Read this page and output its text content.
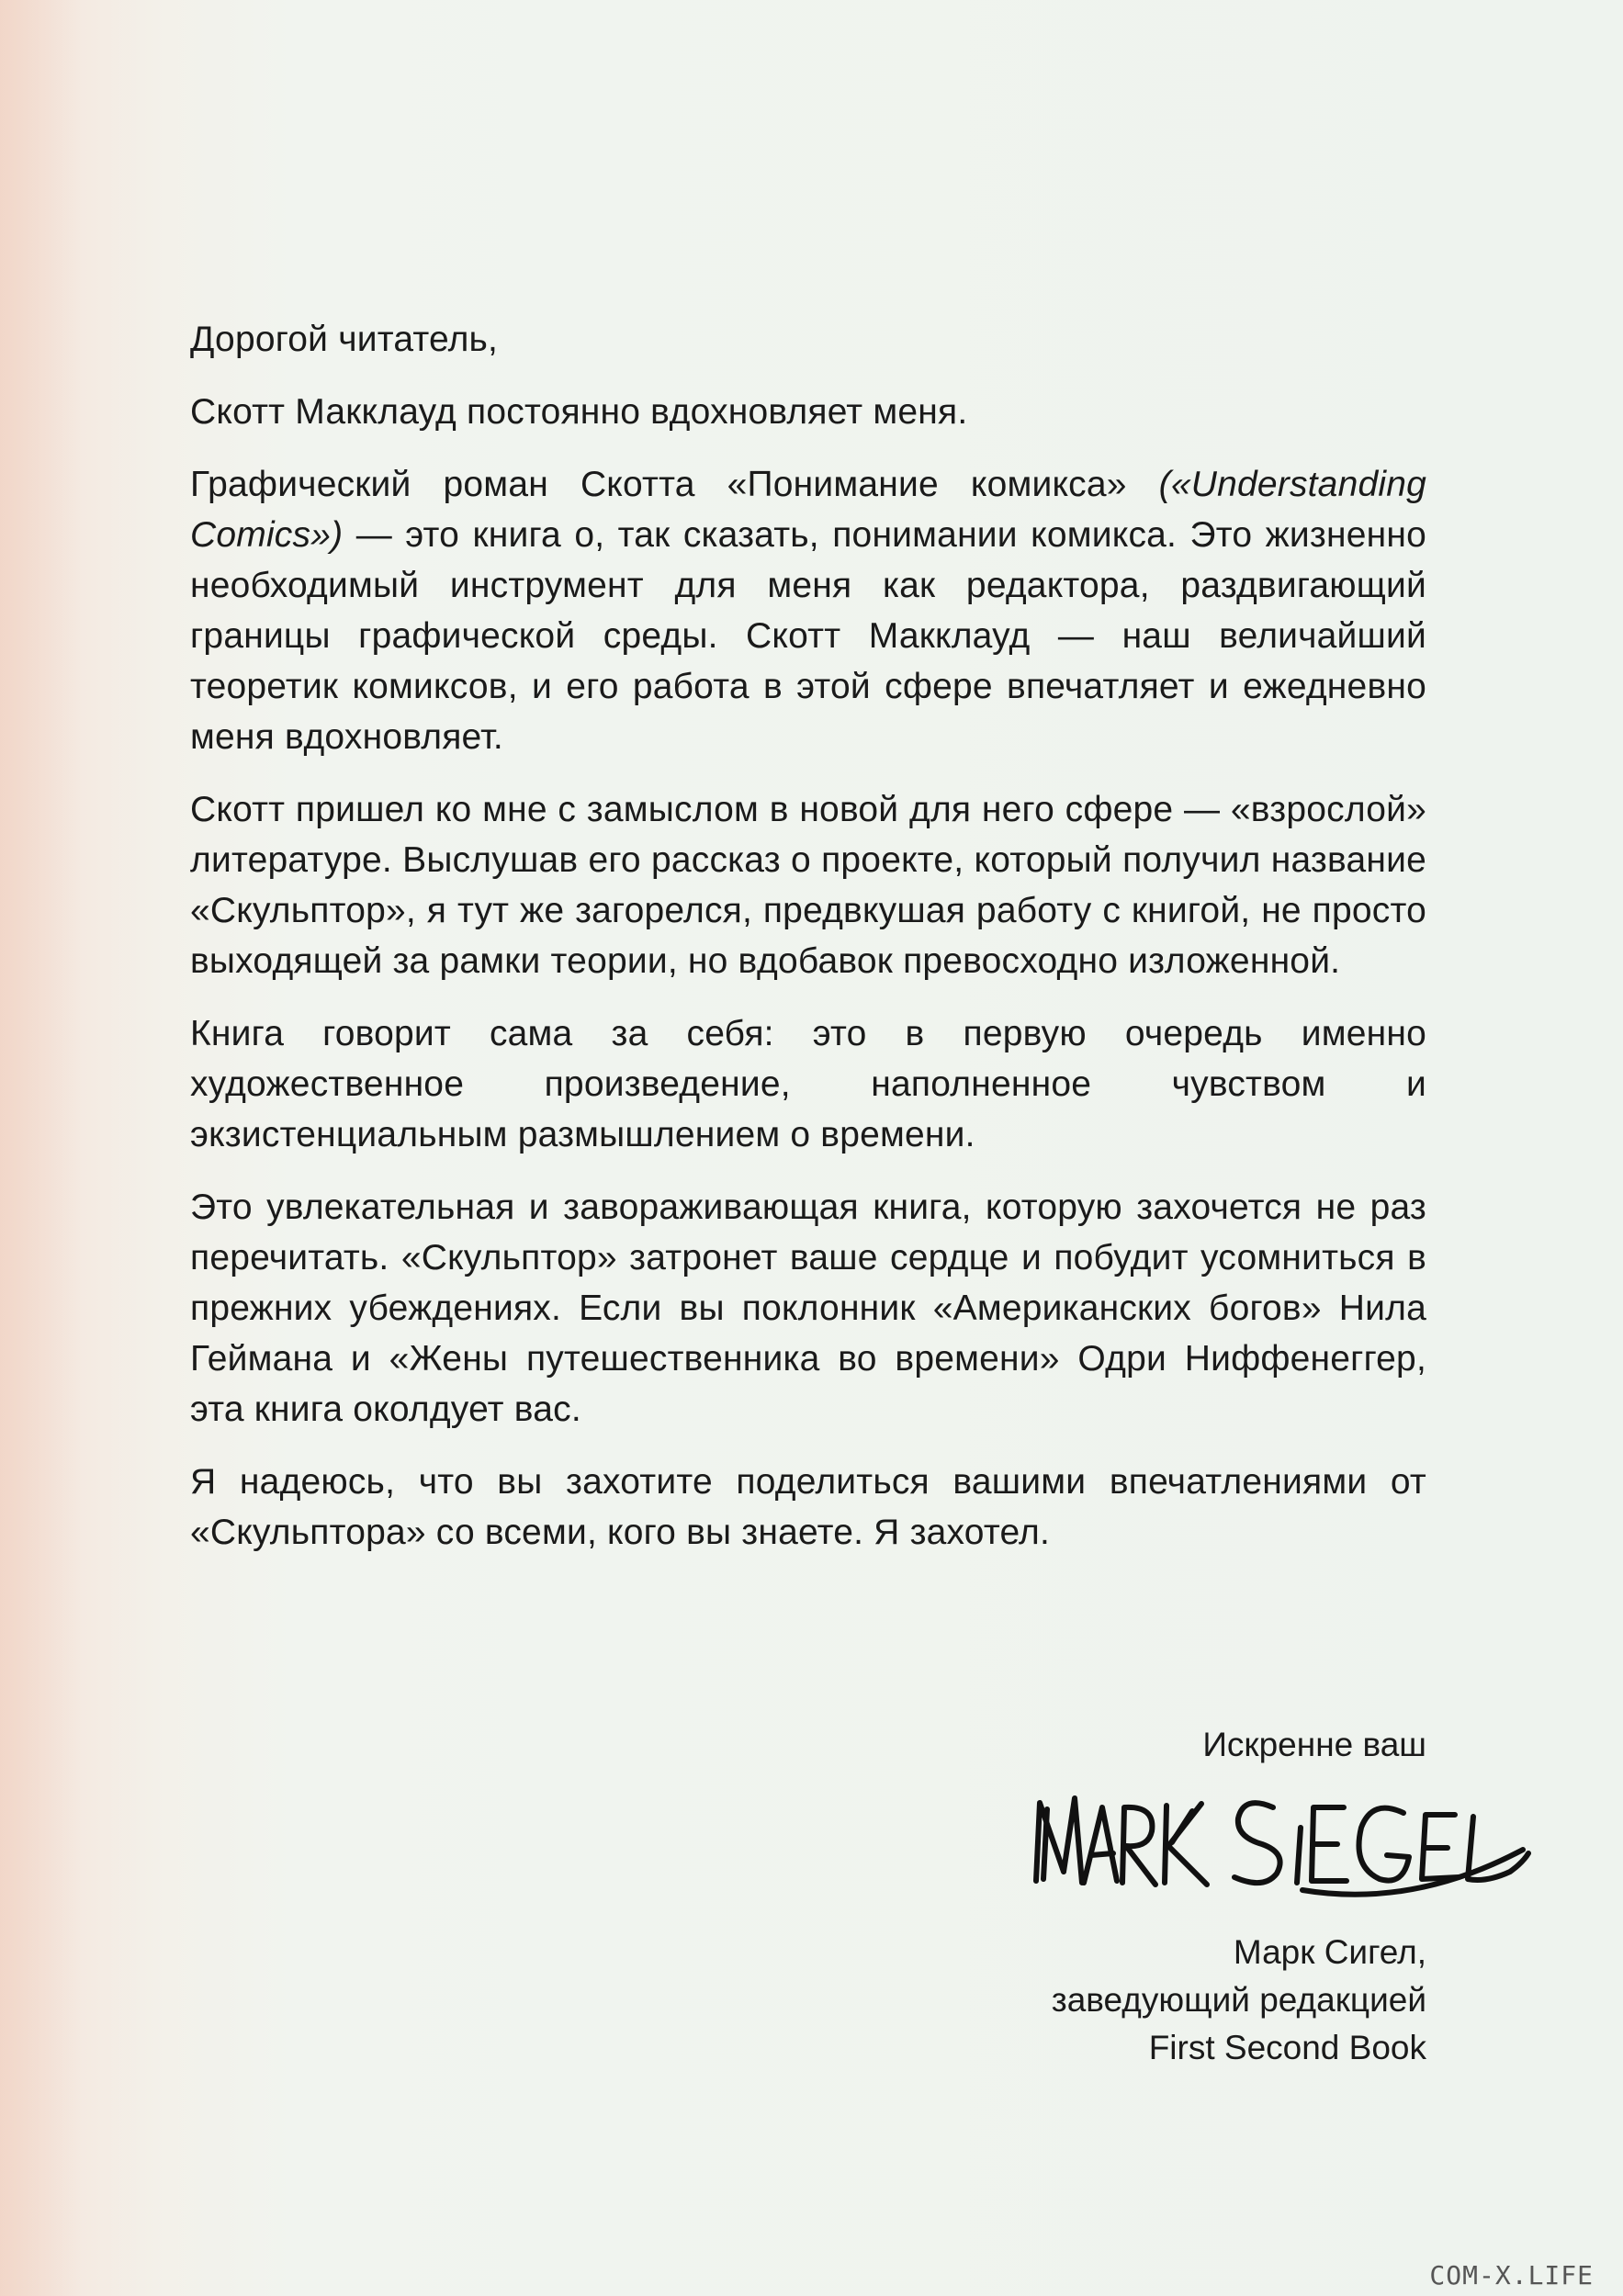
Дорогой читатель,

Скотт Макклауд постоянно вдохновляет меня.

Графический роман Скотта «Понимание комикса» («Understanding Comics») — это книга о, так сказать, понимании комикса. Это жизненно необходимый инструмент для меня как редактора, раздвигающий границы графической среды. Скотт Макклауд — наш величайший теоретик комиксов, и его работа в этой сфере впечатляет и ежедневно меня вдохновляет.

Скотт пришел ко мне с замыслом в новой для него сфере — «взрослой» литературе. Выслушав его рассказ о проекте, который получил название «Скульптор», я тут же загорелся, предвкушая работу с книгой, не просто выходящей за рамки теории, но вдобавок превосходно изложенной.

Книга говорит сама за себя: это в первую очередь именно художественное произведение, наполненное чувством и экзистенциальным размышлением о времени.

Это увлекательная и завораживающая книга, которую захочется не раз перечитать. «Скульптор» затронет ваше сердце и побудит усомниться в прежних убеждениях. Если вы поклонник «Американских богов» Нила Геймана и «Жены путешественника во времени» Одри Ниффенеггер, эта книга околдует вас.

Я надеюсь, что вы захотите поделиться вашими впечатлениями от «Скульптора» со всеми, кого вы знаете. Я захотел.

Искренне ваш
Марк Сигел,
заведующий редакцией
First Second Book
COM-X.LIFE
